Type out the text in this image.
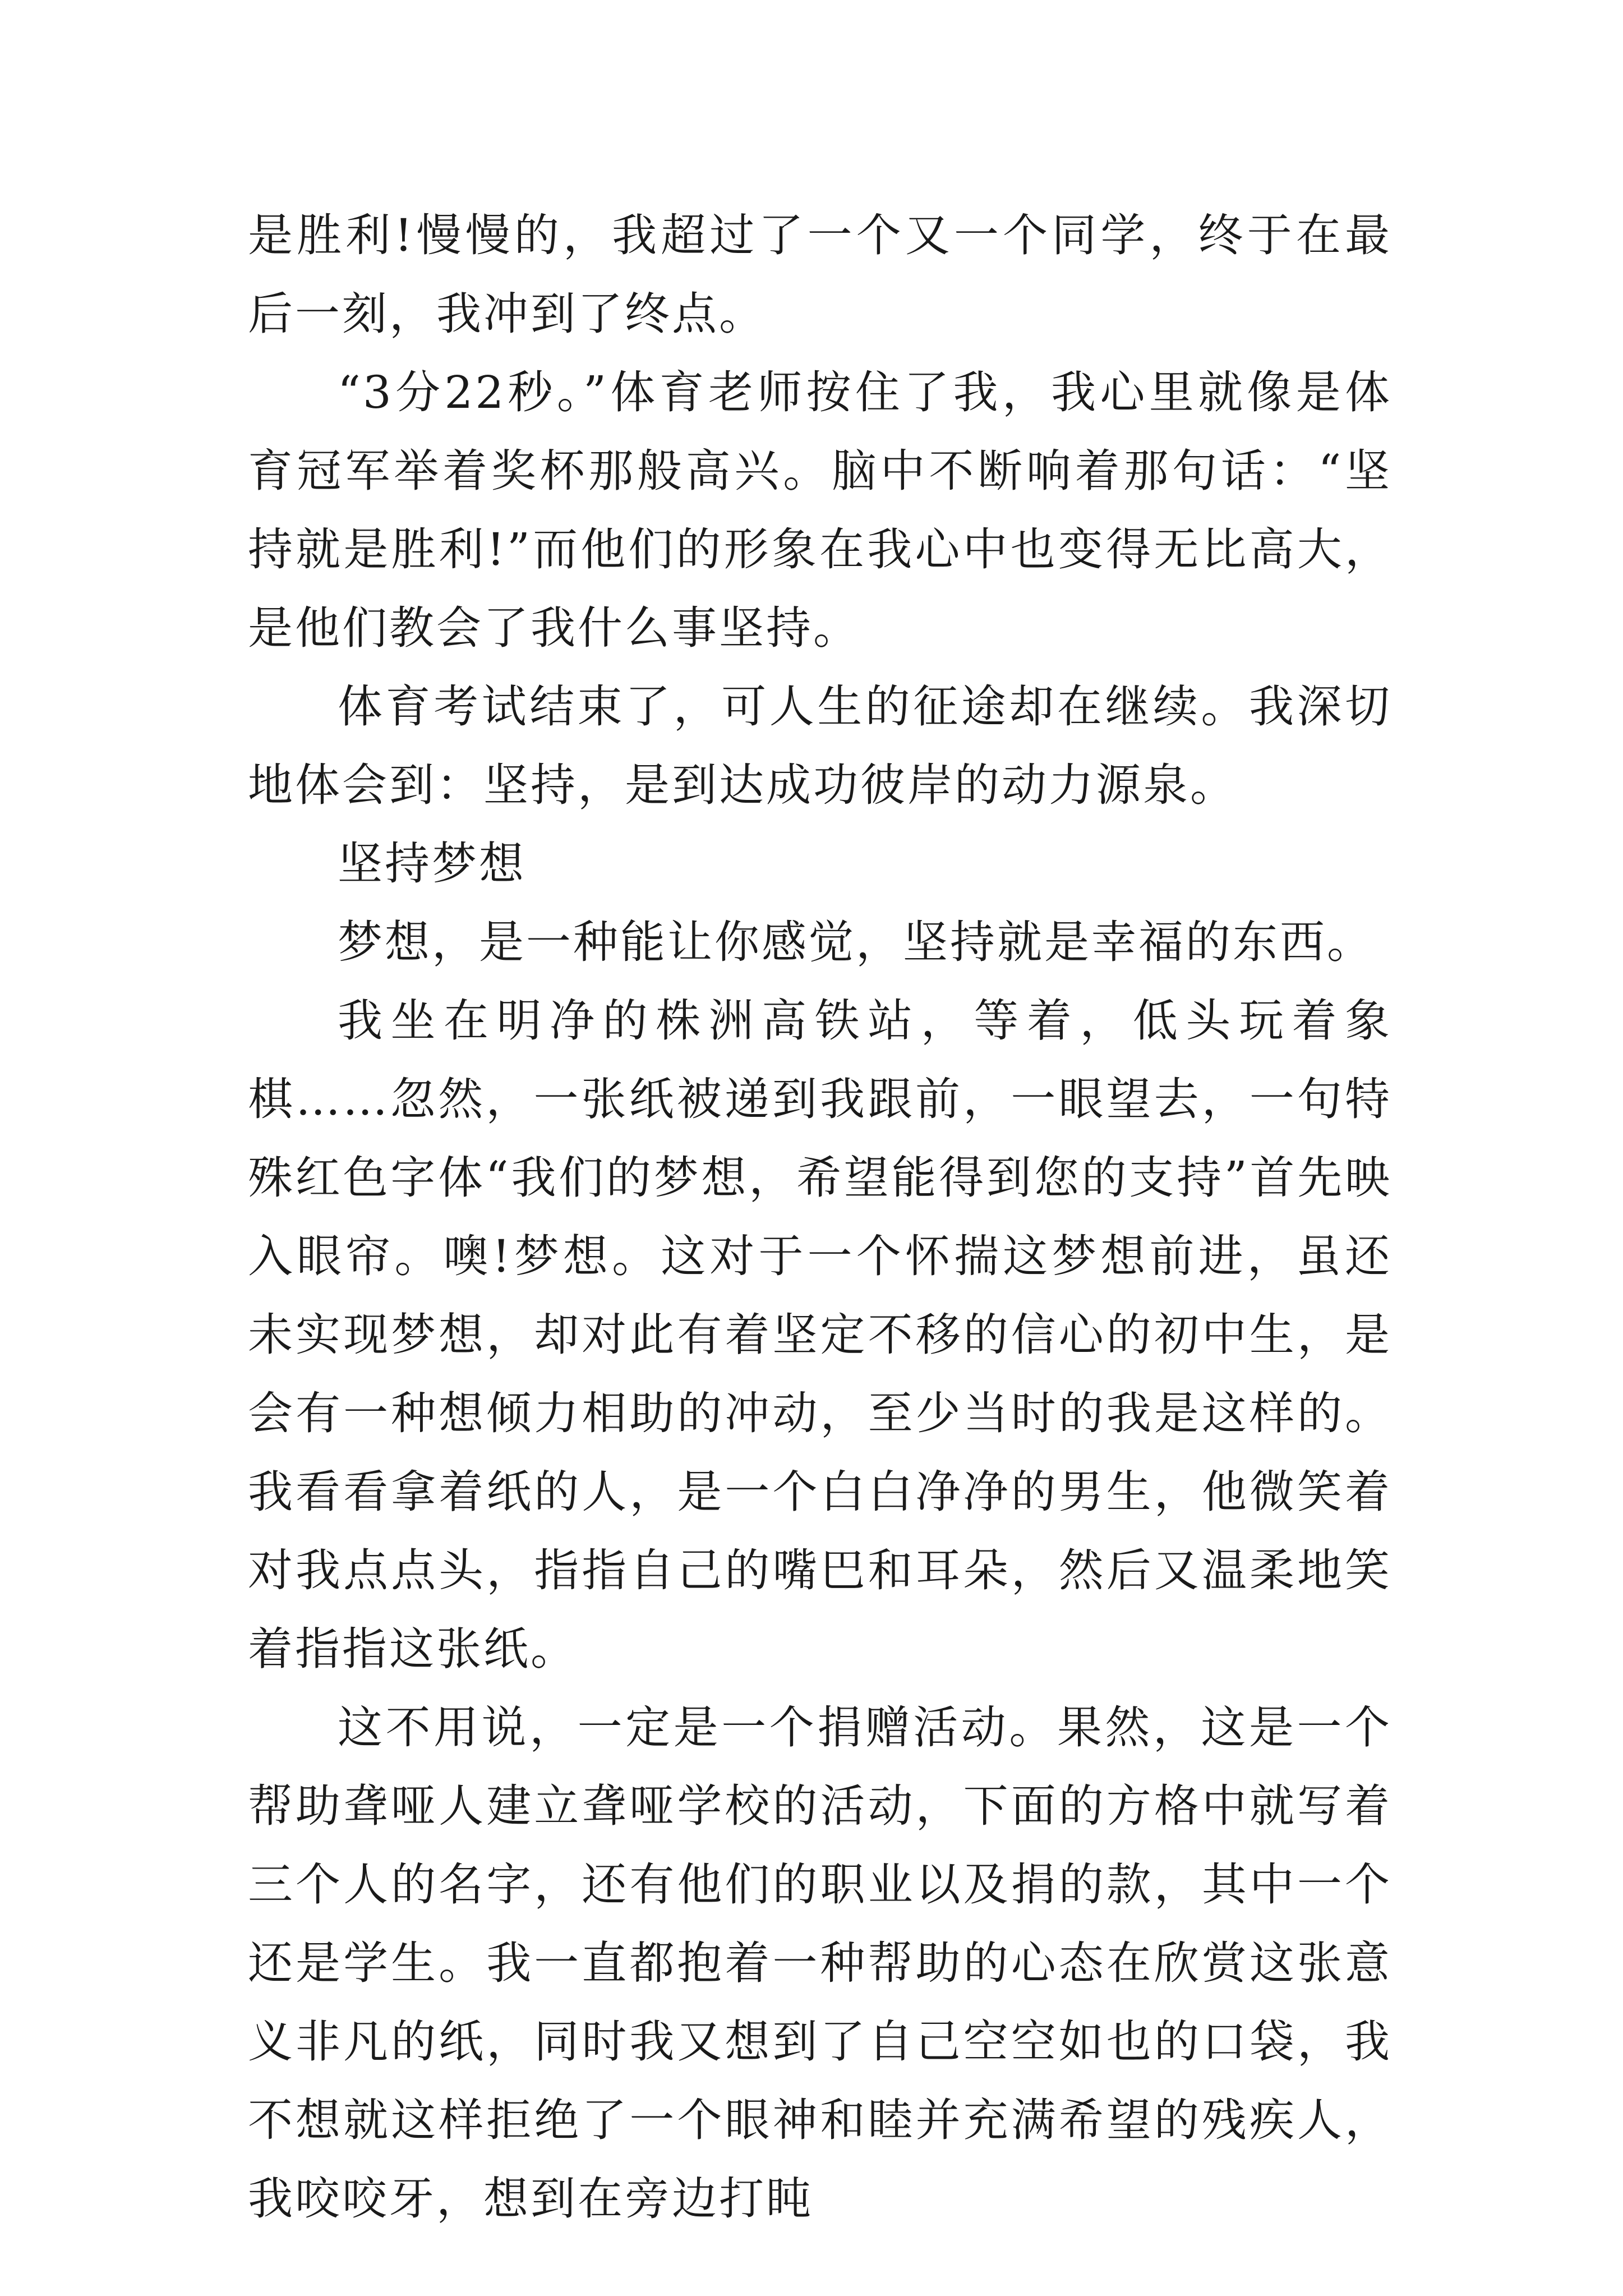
是胜利!慢慢的，我超过了一个又一个同学，终于在最后一刻，我冲到了终点。

“3分22秒。”体育老师按住了我，我心里就像是体育冠军举着奖杯那般高兴。脑中不断响着那句话：“坚持就是胜利!”而他们的形象在我心中也变得无比高大，是他们教会了我什么事坚持。

体育考试结束了，可人生的征途却在继续。我深切地体会到：坚持，是到达成功彼岸的动力源泉。

坚持梦想

梦想，是一种能让你感觉，坚持就是幸福的东西。

我坐在明净的株洲高铁站，等着，低头玩着象棋……忽然，一张纸被递到我跟前，一眼望去，一句特殊红色字体“我们的梦想，希望能得到您的支持”首先映入眼帘。噢!梦想。这对于一个怀揣这梦想前进，虽还未实现梦想，却对此有着坚定不移的信心的初中生，是会有一种想倾力相助的冲动，至少当时的我是这样的。我看看拿着纸的人，是一个白白净净的男生，他微笑着对我点点头，指指自己的嘴巴和耳朵，然后又温柔地笑着指指这张纸。

这不用说，一定是一个捐赠活动。果然，这是一个帮助聋哑人建立聋哑学校的活动，下面的方格中就写着三个人的名字，还有他们的职业以及捐的款，其中一个还是学生。我一直都抱着一种帮助的心态在欣赏这张意义非凡的纸，同时我又想到了自己空空如也的口袋，我不想就这样拒绝了一个眼神和睦并充满希望的残疾人，我咬咬牙，想到在旁边打盹
